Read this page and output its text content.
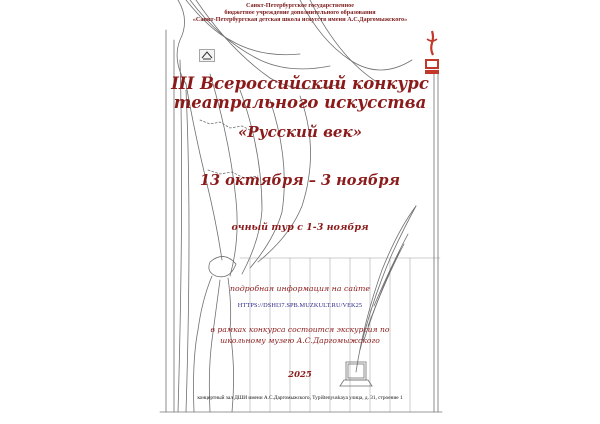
Санкт-Петербургское государственное

бюджетное учреждение дополнительного образования

«Санкт-Петербургская детская школа искусств имени А.С.Даргомыжского»

III Всероссийский конкурс

театрального искусства

«Русский век»

13 октября – 3 ноября

очный тур с 1-3 ноября

подробная информация на сайте

HTTPS://DSHI37.SPB.MUZKULT.RU/VEK25

в рамках конкурса состоится экскурсия по

школьному музею А.С.Даргомыжского

2025

концертный зал ДШИ имени А.С.Даргомыжского, Турištenyuskaya улица, д. 31, строение 1
